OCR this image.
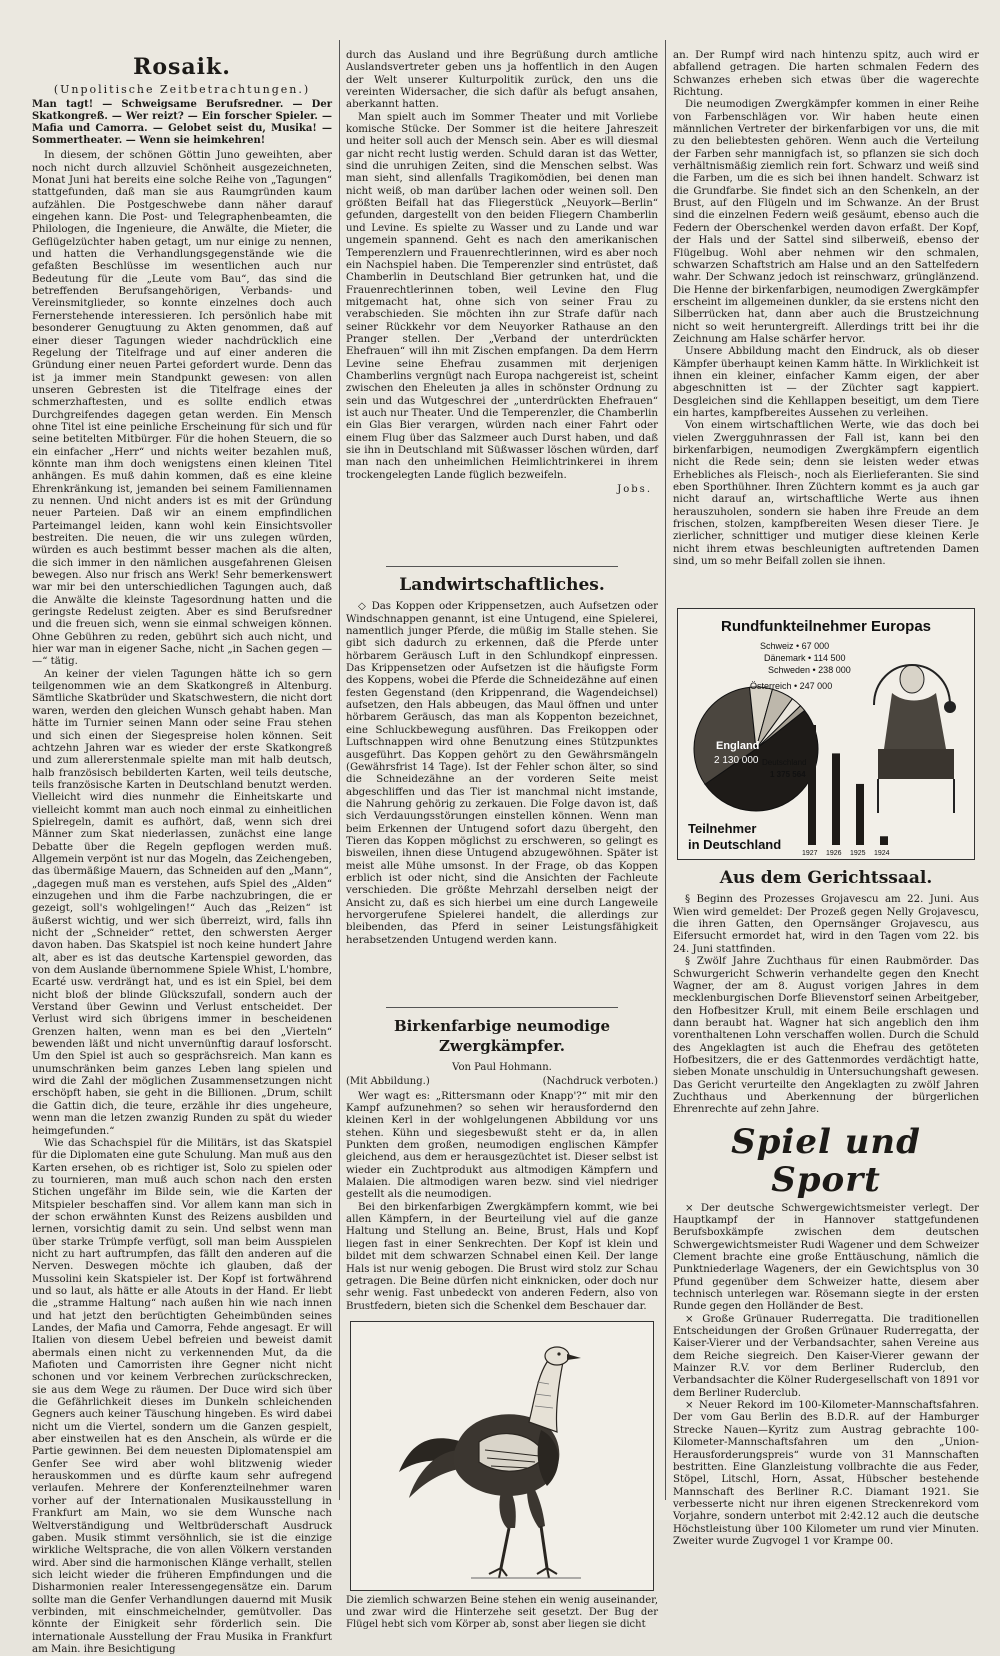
Rosaik.
(Unpolitische Zeitbetrachtungen.)
Man tagt! — Schweigsame Berufsredner. — Der Skatkongreß. — Wer reizt? — Ein forscher Spieler. — Mafia und Camorra. — Gelobet seist du, Musika! — Sommertheater. — Wenn sie heimkehren!

In diesem, der schönen Göttin Juno geweihten, aber noch nicht durch allzuviel Schönheit ausgezeichneten, Monat Juni hat bereits eine solche Reihe von „Tagungen“ stattgefunden, daß man sie aus Raumgründen kaum aufzählen. Die Postgeschwebe dann näher darauf eingehen kann. Die Post- und Telegraphenbeamten, die Philologen, die Ingenieure, die Anwälte, die Mieter, die Geflügelzüchter haben getagt, um nur einige zu nennen, und hatten die Verhandlungsgegenstände wie die gefaßten Beschlüsse im wesentlichen auch nur Bedeutung für die „Leute vom Bau“, das sind die betreffenden Berufsangehörigen, Verbands- und Vereinsmitglieder, so konnte einzelnes doch auch Fernerstehende interessieren. Ich persönlich habe mit besonderer Genugtuung zu Akten genommen, daß auf einer dieser Tagungen wieder nachdrücklich eine Regelung der Titelfrage und auf einer anderen die Gründung einer neuen Partei gefordert wurde. Denn das ist ja immer mein Standpunkt gewesen: von allen unseren Gebresten ist die Titelfrage eines der schmerzhaftesten, und es sollte endlich etwas Durchgreifendes dagegen getan werden. Ein Mensch ohne Titel ist eine peinliche Erscheinung für sich und für seine betitelten Mitbürger. Für die hohen Steuern, die so ein einfacher „Herr“ und nichts weiter bezahlen muß, könnte man ihm doch wenigstens einen kleinen Titel anhängen. Es muß dahin kommen, daß es eine kleine Ehrenkränkung ist, jemanden bei seinem Familiennamen zu nennen. Und nicht anders ist es mit der Gründung neuer Parteien. Daß wir an einem empfindlichen Parteimangel leiden, kann wohl kein Einsichtsvoller bestreiten. Die neuen, die wir uns zulegen würden, würden es auch bestimmt besser machen als die alten, die sich immer in den nämlichen ausgefahrenen Gleisen bewegen. Also nur frisch ans Werk! Sehr bemerkenswert war mir bei den unterschiedlichen Tagungen auch, daß die Anwälte die kleinste Tagesordnung hatten und die geringste Redelust zeigten. Aber es sind Berufsredner und die freuen sich, wenn sie einmal schweigen können. Ohne Gebühren zu reden, gebührt sich auch nicht, und hier war man in eigener Sache, nicht „in Sachen gegen — —“ tätig.

An keiner der vielen Tagungen hätte ich so gern teilgenommen wie an dem Skatkongreß in Altenburg. Sämtliche Skatbrüder und Skatschwestern, die nicht dort waren, werden den gleichen Wunsch gehabt haben. Man hätte im Turnier seinen Mann oder seine Frau stehen und sich einen der Siegespreise holen können. Seit achtzehn Jahren war es wieder der erste Skatkongreß und zum allererstenmale spielte man mit halb deutsch, halb französisch bebilderten Karten, weil teils deutsche, teils französische Karten in Deutschland benutzt werden. Vielleicht wird dies nunmehr die Einheitskarte und vielleicht kommt man auch noch einmal zu einheitlichen Spielregeln, damit es aufhört, daß, wenn sich drei Männer zum Skat niederlassen, zunächst eine lange Debatte über die Regeln gepflogen werden muß. Allgemein verpönt ist nur das Mogeln, das Zeichengeben, das übermäßige Mauern, das Schneiden auf den „Mann“, „dagegen muß man es verstehen, aufs Spiel des „Alden“ einzugehen und ihm die Farbe nachzubringen, die er gezeigt, soll's wohlgelingen!“ Auch das „Reizen“ ist äußerst wichtig, und wer sich überreizt, wird, falls ihn nicht der „Schneider“ rettet, den schwersten Aerger davon haben. Das Skatspiel ist noch keine hundert Jahre alt, aber es ist das deutsche Kartenspiel geworden, das von dem Auslande übernommene Spiele Whist, L'hombre, Ecarté usw. verdrängt hat, und es ist ein Spiel, bei dem nicht bloß der blinde Glückszufall, sondern auch der Verstand über Gewinn und Verlust entscheidet. Der Verlust wird sich übrigens immer in bescheidenen Grenzen halten, wenn man es bei den „Vierteln“ bewenden läßt und nicht unvernünftig darauf losforscht. Um den Spiel ist auch so gesprächsreich. Man kann es unumschränken beim ganzes Leben lang spielen und wird die Zahl der möglichen Zusammensetzungen nicht erschöpft haben, sie geht in die Billionen. „Drum, schilt die Gattin dich, die teure, erzähle ihr dies ungeheure, wenn man die letzen zwanzig Runden zu spät du wieder heimgefunden.“

Wie das Schachspiel für die Militärs, ist das Skatspiel für die Diplomaten eine gute Schulung. Man muß aus den Karten ersehen, ob es richtiger ist, Solo zu spielen oder zu tournieren, man muß auch schon nach den ersten Stichen ungefähr im Bilde sein, wie die Karten der Mitspieler beschaffen sind. Vor allem kann man sich in der schon erwähnten Kunst des Reizens ausbilden und lernen, vorsichtig damit zu sein. Und selbst wenn man über starke Trümpfe verfügt, soll man beim Ausspielen nicht zu hart auftrumpfen, das fällt den anderen auf die Nerven. Deswegen möchte ich glauben, daß der Mussolini kein Skatspieler ist. Der Kopf ist fortwährend und so laut, als hätte er alle Atouts in der Hand. Er liebt die „stramme Haltung“ nach außen hin wie nach innen und hat jetzt den berüchtigten Geheimbünden seines Landes, der Mafia und Camorra, Fehde angesagt. Er will Italien von diesem Uebel befreien und beweist damit abermals einen nicht zu verkennenden Mut, da die Mafioten und Camorristen ihre Gegner nicht nicht schonen und vor keinem Verbrechen zurückschrecken, sie aus dem Wege zu räumen. Der Duce wird sich über die Gefährlichkeit dieses im Dunkeln schleichenden Gegners auch keiner Täuschung hingeben. Es wird dabei nicht um die Viertel, sondern um die Ganzen gespielt, aber einstweilen hat es den Anschein, als würde er die Partie gewinnen. Bei dem neuesten Diplomatenspiel am Genfer See wird aber wohl blitzwenig wieder herauskommen und es dürfte kaum sehr aufregend verlaufen. Mehrere der Konferenzteilnehmer waren vorher auf der Internationalen Musikausstellung in Frankfurt am Main, wo sie dem Wunsche nach Weltverständigung und Weltbrüderschaft Ausdruck gaben. Musik stimmt versöhnlich, sie ist die einzige wirkliche Weltsprache, die von allen Völkern verstanden wird. Aber sind die harmonischen Klänge verhallt, stellen sich leicht wieder die früheren Empfindungen und die Disharmonien realer Interessengegensätze ein. Darum sollte man die Genfer Verhandlungen dauernd mit Musik verbinden, mit einschmeichelnder, gemütvoller. Das könnte der Einigkeit sehr förderlich sein. Die internationale Ausstellung der Frau Musika in Frankfurt am Main. ihre Besichtigung

durch das Ausland und ihre Begrüßung durch amtliche Auslandsvertreter geben uns ja hoffentlich in den Augen der Welt unserer Kulturpolitik zurück, den uns die vereinten Widersacher, die sich dafür als befugt ansahen, aberkannt hatten.

Man spielt auch im Sommer Theater und mit Vorliebe komische Stücke. Der Sommer ist die heitere Jahreszeit und heiter soll auch der Mensch sein. Aber es will diesmal gar nicht recht lustig werden. Schuld daran ist das Wetter, sind die unruhigen Zeiten, sind die Menschen selbst. Was man sieht, sind allenfalls Tragikomödien, bei denen man nicht weiß, ob man darüber lachen oder weinen soll. Den größten Beifall hat das Fliegerstück „Neuyork—Berlin“ gefunden, dargestellt von den beiden Fliegern Chamberlin und Levine. Es spielte zu Wasser und zu Lande und war ungemein spannend. Geht es nach den amerikanischen Temperenzlern und Frauenrechtlerinnen, wird es aber noch ein Nachspiel haben. Die Temperenzler sind entrüstet, daß Chamberlin in Deutschland Bier getrunken hat, und die Frauenrechtlerinnen toben, weil Levine den Flug mitgemacht hat, ohne sich von seiner Frau zu verabschieden. Sie möchten ihn zur Strafe dafür nach seiner Rückkehr vor dem Neuyorker Rathause an den Pranger stellen. Der „Verband der unterdrückten Ehefrauen“ will ihn mit Zischen empfangen. Da dem Herrn Levine seine Ehefrau zusammen mit derjenigen Chamberlins vergnügt nach Europa nachgereist ist, scheint zwischen den Eheleuten ja alles in schönster Ordnung zu sein und das Wutgeschrei der „unterdrückten Ehefrauen“ ist auch nur Theater. Und die Temperenzler, die Chamberlin ein Glas Bier verargen, würden nach einer Fahrt oder einem Flug über das Salzmeer auch Durst haben, und daß sie ihn in Deutschland mit Süßwasser löschen würden, darf man nach den unheimlichen Heimlichtrinkerei in ihrem trockengelegten Lande füglich bezweifeln.

Jobs.
Landwirtschaftliches.

◇ Das Koppen oder Krippensetzen, auch Aufsetzen oder Windschnappen genannt, ist eine Untugend, eine Spielerei, namentlich junger Pferde, die müßig im Stalle stehen. Sie gibt sich dadurch zu erkennen, daß die Pferde unter hörbarem Geräusch Luft in den Schlundkopf einpressen. Das Krippensetzen oder Aufsetzen ist die häufigste Form des Koppens, wobei die Pferde die Schneidezähne auf einen festen Gegenstand (den Krippenrand, die Wagendeichsel) aufsetzen, den Hals abbeugen, das Maul öffnen und unter hörbarem Geräusch, das man als Koppenton bezeichnet, eine Schluckbewegung ausführen. Das Freikoppen oder Luftschnappen wird ohne Benutzung eines Stützpunktes ausgeführt. Das Koppen gehört zu den Gewährsmängeln (Gewährsfrist 14 Tage). Ist der Fehler schon älter, so sind die Schneidezähne an der vorderen Seite meist abgeschliffen und das Tier ist manchmal nicht imstande, die Nahrung gehörig zu zerkauen. Die Folge davon ist, daß sich Verdauungsstörungen einstellen können. Wenn man beim Erkennen der Untugend sofort dazu übergeht, den Tieren das Koppen möglichst zu erschweren, so gelingt es bisweilen, ihnen diese Untugend abzugewöhnen. Später ist meist alle Mühe umsonst. In der Frage, ob das Koppen erblich ist oder nicht, sind die Ansichten der Fachleute verschieden. Die größte Mehrzahl derselben neigt der Ansicht zu, daß es sich hierbei um eine durch Langeweile hervorgerufene Spielerei handelt, die allerdings zur bleibenden, das Pferd in seiner Leistungsfähigkeit herabsetzenden Untugend werden kann.

Birkenfarbige neumodige Zwergkämpfer.
Von Paul Hohmann.
(Mit Abbildung.)	(Nachdruck verboten.)

Wer wagt es: „Rittersmann oder Knapp'?“ mit mir den Kampf aufzunehmen? so sehen wir herausfordernd den kleinen Kerl in der wohlgelungenen Abbildung vor uns stehen. Kühn und siegesbewußt steht er da, in allen Punkten dem großen, neumodigen englischen Kämpfer gleichend, aus dem er herausgezüchtet ist. Dieser selbst ist wieder ein Zuchtprodukt aus altmodigen Kämpfern und Malaien. Die altmodigen waren bezw. sind viel niedriger gestellt als die neumodigen.

Bei den birkenfarbigen Zwergkämpfern kommt, wie bei allen Kämpfern, in der Beurteilung viel auf die ganze Haltung und Stellung an. Beine, Brust, Hals und Kopf liegen fast in einer Senkrechten. Der Kopf ist klein und bildet mit dem schwarzen Schnabel einen Keil. Der lange Hals ist nur wenig gebogen. Die Brust wird stolz zur Schau getragen. Die Beine dürfen nicht einknicken, oder doch nur sehr wenig. Fast unbedeckt von anderen Federn, also von Brustfedern, bieten sich die Schenkel dem Beschauer dar.

Die ziemlich schwarzen Beine stehen ein wenig auseinander, und zwar wird die Hinterzehe seit gesetzt. Der Bug der Flügel hebt sich vom Körper ab, sonst aber liegen sie dicht

an. Der Rumpf wird nach hintenzu spitz, auch wird er abfallend getragen. Die harten schmalen Federn des Schwanzes erheben sich etwas über die wagerechte Richtung.

Die neumodigen Zwergkämpfer kommen in einer Reihe von Farbenschlägen vor. Wir haben heute einen männlichen Vertreter der birkenfarbigen vor uns, die mit zu den beliebtesten gehören. Wenn auch die Verteilung der Farben sehr mannigfach ist, so pflanzen sie sich doch verhältnismäßig ziemlich rein fort. Schwarz und weiß sind die Farben, um die es sich bei ihnen handelt. Schwarz ist die Grundfarbe. Sie findet sich an den Schenkeln, an der Brust, auf den Flügeln und im Schwanze. An der Brust sind die einzelnen Federn weiß gesäumt, ebenso auch die Federn der Oberschenkel werden davon erfaßt. Der Kopf, der Hals und der Sattel sind silberweiß, ebenso der Flügelbug. Wohl aber nehmen wir den schmalen, schwarzen Schaftstrich am Halse und an den Sattelfedern wahr. Der Schwanz jedoch ist reinschwarz, grünglänzend. Die Henne der birkenfarbigen, neumodigen Zwergkämpfer erscheint im allgemeinen dunkler, da sie erstens nicht den Silberrücken hat, dann aber auch die Brustzeichnung nicht so weit heruntergreift. Allerdings tritt bei ihr die Zeichnung am Halse schärfer hervor.

Unsere Abbildung macht den Eindruck, als ob dieser Kämpfer überhaupt keinen Kamm hätte. In Wirklichkeit ist ihnen ein kleiner, einfacher Kamm eigen, der aber abgeschnitten ist — der Züchter sagt kappiert. Desgleichen sind die Kehllappen beseitigt, um dem Tiere ein hartes, kampfbereites Aussehen zu verleihen.

Von einem wirtschaftlichen Werte, wie das doch bei vielen Zwergguhnrassen der Fall ist, kann bei den birkenfarbigen, neumodigen Zwergkämpfern eigentlich nicht die Rede sein; denn sie leisten weder etwas Erhebliches als Fleisch-, noch als Eierlieferanten. Sie sind eben Sporthühner. Ihren Züchtern kommt es ja auch gar nicht darauf an, wirtschaftliche Werte aus ihnen herauszuholen, sondern sie haben ihre Freude an dem frischen, stolzen, kampfbereiten Wesen dieser Tiere. Je zierlicher, schnittiger und mutiger diese kleinen Kerle nicht ihrem etwas beschleunigten auftretenden Damen sind, um so mehr Beifall zollen sie ihnen.

Rundfunkteilnehmer Europas
England
2 130 000 Deutschland
1 375 564
Schweiz • 67 000
Dänemark • 114 500
Schweden • 238 000
Österreich • 247 000
Teilnehmer
in Deutschland
1927 1926 1925 1924
Aus dem Gerichtssaal.

§ Beginn des Prozesses Grojavescu am 22. Juni. Aus Wien wird gemeldet: Der Prozeß gegen Nelly Grojavescu, die ihren Gatten, den Opernsänger Grojavescu, aus Eifersucht ermordet hat, wird in den Tagen vom 22. bis 24. Juni stattfinden.

§ Zwölf Jahre Zuchthaus für einen Raubmörder. Das Schwurgericht Schwerin verhandelte gegen den Knecht Wagner, der am 8. August vorigen Jahres in dem mecklenburgischen Dorfe Blievenstorf seinen Arbeitgeber, den Hofbesitzer Krull, mit einem Beile erschlagen und dann beraubt hat. Wagner hat sich angeblich den ihm vorenthaltenen Lohn verschaffen wollen. Durch die Schuld des Angeklagten ist auch die Ehefrau des getöteten Hofbesitzers, die er des Gattenmordes verdächtigt hatte, sieben Monate unschuldig in Untersuchungshaft gewesen. Das Gericht verurteilte den Angeklagten zu zwölf Jahren Zuchthaus und Aberkennung der bürgerlichen Ehrenrechte auf zehn Jahre.

Spiel und Sport

× Der deutsche Schwergewichtsmeister verlegt. Der Hauptkampf der in Hannover stattgefundenen Berufsboxkämpfe zwischen dem deutschen Schwergewichtsmeister Rudi Wagener und dem Schweizer Clement brachte eine große Enttäuschung, nämlich die Punktniederlage Wageners, der ein Gewichtsplus von 30 Pfund gegenüber dem Schweizer hatte, diesem aber technisch unterlegen war. Rösemann siegte in der ersten Runde gegen den Holländer de Best.

× Große Grünauer Ruderregatta. Die traditionellen Entscheidungen der Großen Grünauer Ruderregatta, der Kaiser-Vierer und der Verbandsachter, sahen Vereine aus dem Reiche siegreich. Den Kaiser-Vierer gewann der Mainzer R.V. vor dem Berliner Ruderclub, den Verbandsachter die Kölner Rudergesellschaft von 1891 vor dem Berliner Ruderclub.

× Neuer Rekord im 100-Kilometer-Mannschaftsfahren. Der vom Gau Berlin des B.D.R. auf der Hamburger Strecke Nauen—Kyritz zum Austrag gebrachte 100-Kilometer-Mannschaftsfahren um den „Union-Herausforderungspreis“ wurde von 31 Mannschaften bestritten. Eine Glanzleistung vollbrachte die aus Feder, Stöpel, Litschl, Horn, Assat, Hübscher bestehende Mannschaft des Berliner R.C. Diamant 1921. Sie verbesserte nicht nur ihren eigenen Streckenrekord vom Vorjahre, sondern unterbot mit 2:42.12 auch die deutsche Höchstleistung über 100 Kilometer um rund vier Minuten. Zweiter wurde Zugvogel 1 vor Krampe 00.
